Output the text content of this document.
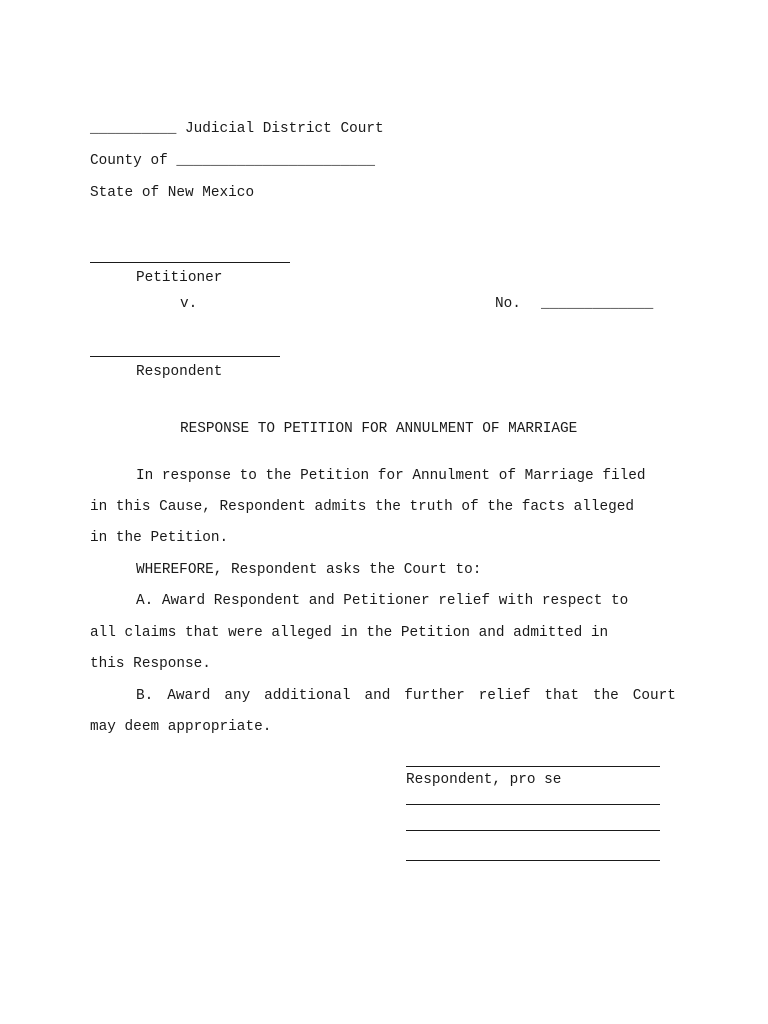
__________ Judicial District Court
County of _______________________
State of New Mexico
Petitioner
v.	No. _____________
Respondent
RESPONSE TO PETITION FOR ANNULMENT OF MARRIAGE
In response to the Petition for Annulment of Marriage filed
in this Cause, Respondent admits the truth of the facts alleged
in the Petition.
WHEREFORE, Respondent asks the Court to:
A. Award Respondent and Petitioner relief with respect to
all claims that were alleged in the Petition and admitted in
this Response.
B. Award any additional and further relief that the Court
may deem appropriate.
Respondent, pro se
